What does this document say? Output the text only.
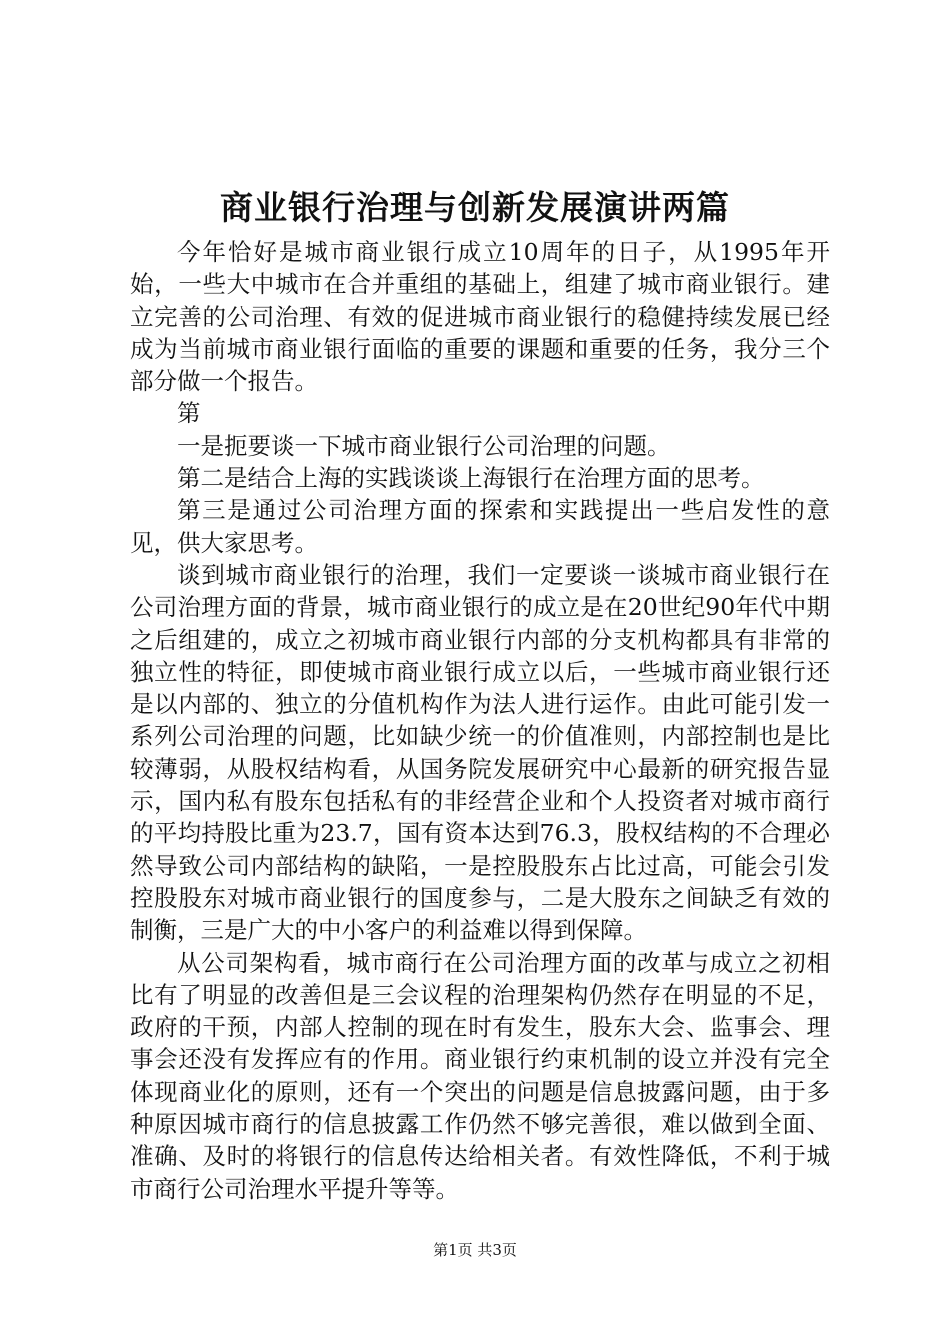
商业银行治理与创新发展演讲两篇

今年恰好是城市商业银行成立10周年的日子，从1995年开始，一些大中城市在合并重组的基础上，组建了城市商业银行。建立完善的公司治理、有效的促进城市商业银行的稳健持续发展已经成为当前城市商业银行面临的重要的课题和重要的任务，我分三个部分做一个报告。

第

一是扼要谈一下城市商业银行公司治理的问题。

第二是结合上海的实践谈谈上海银行在治理方面的思考。

第三是通过公司治理方面的探索和实践提出一些启发性的意见，供大家思考。

谈到城市商业银行的治理，我们一定要谈一谈城市商业银行在公司治理方面的背景，城市商业银行的成立是在20世纪90年代中期之后组建的，成立之初城市商业银行内部的分支机构都具有非常的独立性的特征，即使城市商业银行成立以后，一些城市商业银行还是以内部的、独立的分值机构作为法人进行运作。由此可能引发一系列公司治理的问题，比如缺少统一的价值准则，内部控制也是比较薄弱，从股权结构看，从国务院发展研究中心最新的研究报告显示，国内私有股东包括私有的非经营企业和个人投资者对城市商行的平均持股比重为23.7，国有资本达到76.3，股权结构的不合理必然导致公司内部结构的缺陷，一是控股股东占比过高，可能会引发控股股东对城市商业银行的国度参与，二是大股东之间缺乏有效的制衡，三是广大的中小客户的利益难以得到保障。

从公司架构看，城市商行在公司治理方面的改革与成立之初相比有了明显的改善但是三会议程的治理架构仍然存在明显的不足，政府的干预，内部人控制的现在时有发生，股东大会、监事会、理事会还没有发挥应有的作用。商业银行约束机制的设立并没有完全体现商业化的原则，还有一个突出的问题是信息披露问题，由于多种原因城市商行的信息披露工作仍然不够完善很，难以做到全面、准确、及时的将银行的信息传达给相关者。有效性降低，不利于城市商行公司治理水平提升等等。

第1页 共3页
